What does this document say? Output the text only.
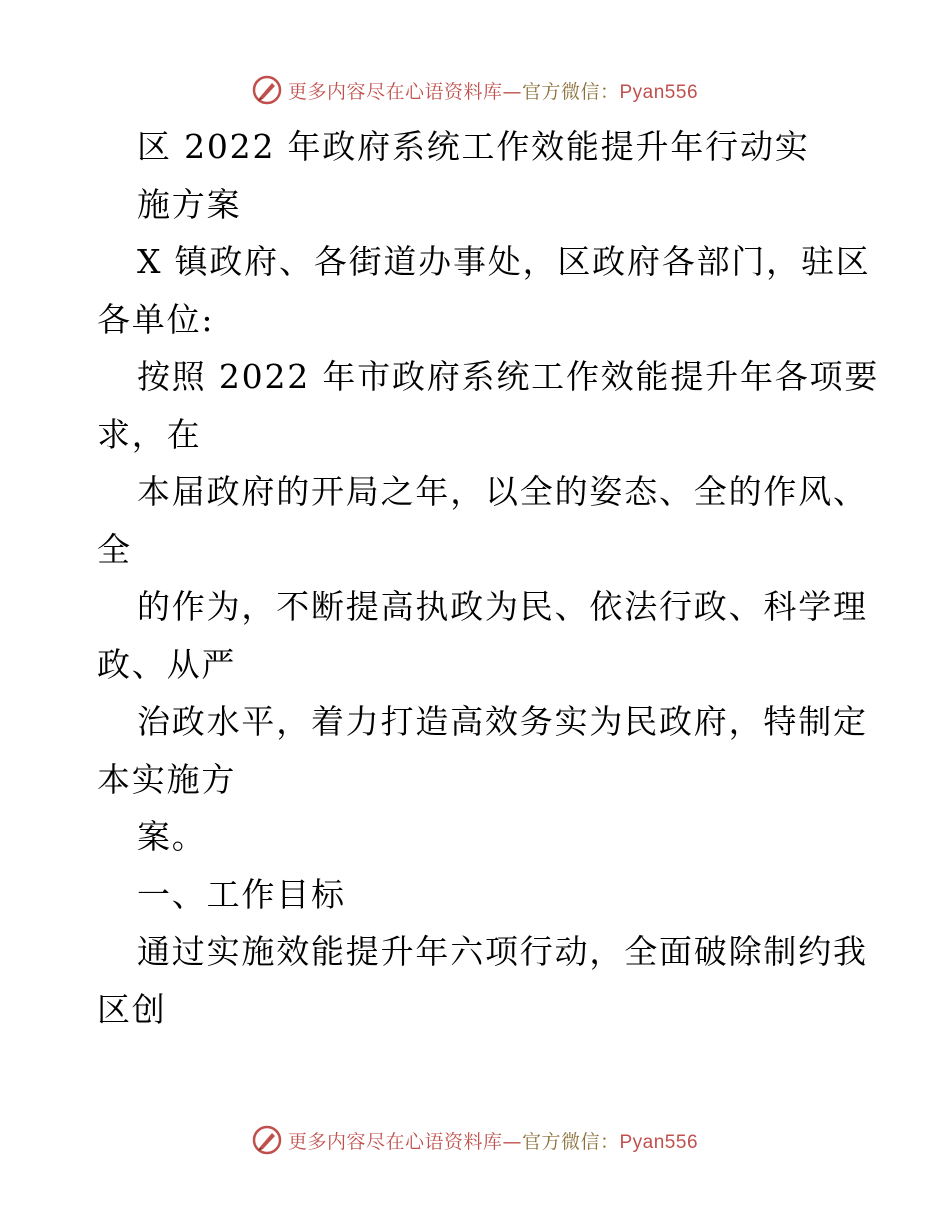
更多内容尽在心语资料库—官方微信：Pyan556
区 2022 年政府系统工作效能提升年行动实
施方案
X 镇政府、各街道办事处，区政府各部门，驻区
各单位:
按照 2022 年市政府系统工作效能提升年各项要
求，在
本届政府的开局之年，以全的姿态、全的作风、
全
的作为，不断提高执政为民、依法行政、科学理
政、从严
治政水平，着力打造高效务实为民政府，特制定
本实施方
案。
一、工作目标
通过实施效能提升年六项行动，全面破除制约我
区创
更多内容尽在心语资料库—官方微信：Pyan556
